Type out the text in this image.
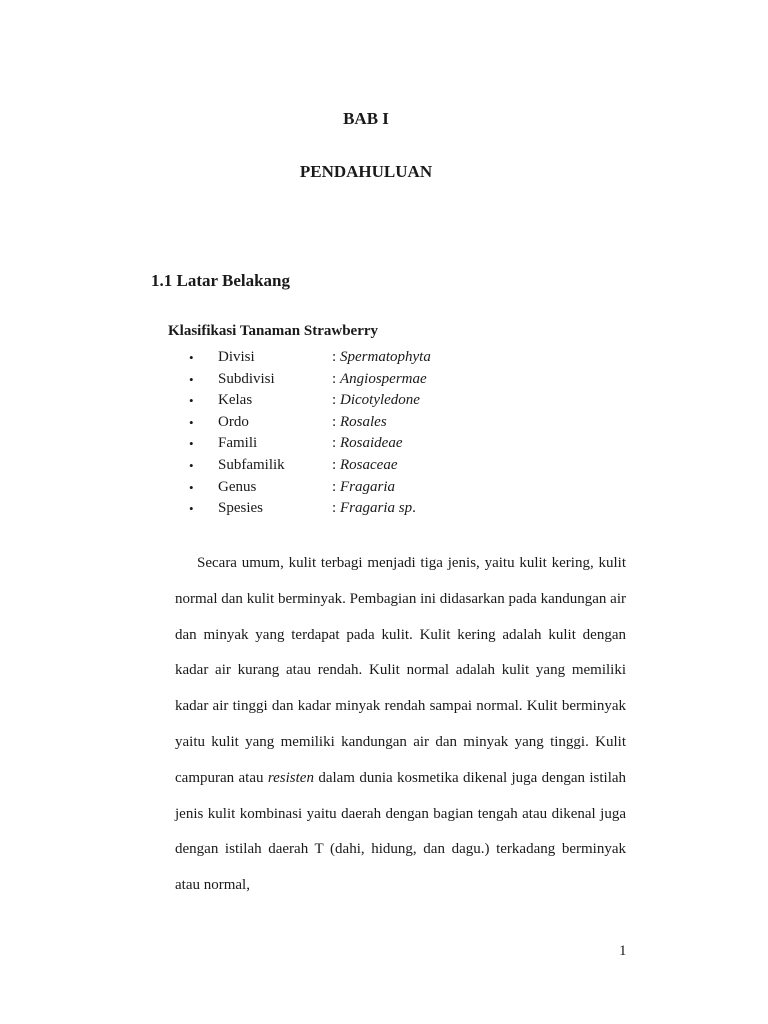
BAB I
PENDAHULUAN
1.1 Latar Belakang
Klasifikasi Tanaman Strawberry
• Divisi	: Spermatophyta
• Subdivisi	: Angiospermae
• Kelas	: Dicotyledone
• Ordo	: Rosales
• Famili	: Rosaideae
• Subfamilik	: Rosaceae
• Genus	: Fragaria
• Spesies	: Fragaria sp.

Secara umum, kulit terbagi menjadi tiga jenis, yaitu kulit kering, kulit normal dan kulit berminyak. Pembagian ini didasarkan pada kandungan air dan minyak yang terdapat pada kulit. Kulit kering adalah kulit dengan kadar air kurang atau rendah. Kulit normal adalah kulit yang memiliki kadar air tinggi dan kadar minyak rendah sampai normal. Kulit berminyak yaitu kulit yang memiliki kandungan air dan minyak yang tinggi. Kulit campuran atau resisten dalam dunia kosmetika dikenal juga dengan istilah jenis kulit kombinasi yaitu daerah dengan bagian tengah atau dikenal juga dengan istilah daerah T (dahi, hidung, dan dagu.) terkadang berminyak atau normal,

1
